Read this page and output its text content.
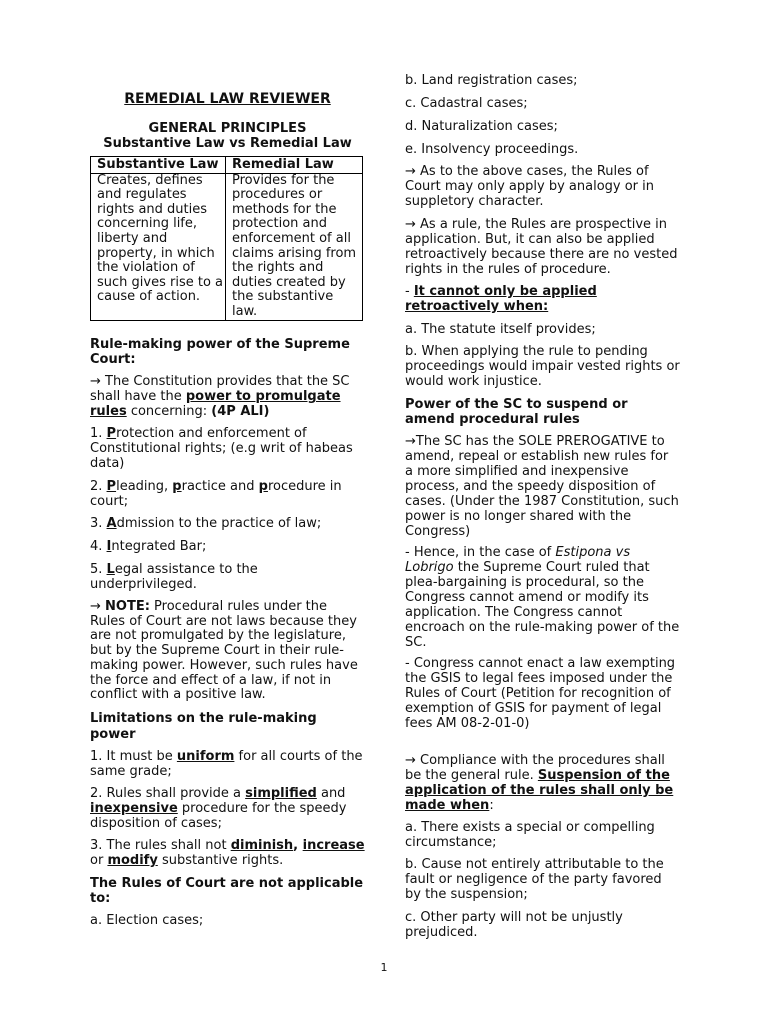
REMEDIAL LAW REVIEWER
GENERAL PRINCIPLES
Substantive Law vs Remedial Law
Substantive Law	Remedial Law
Creates, defines and regulates rights and duties concerning life, liberty and property, in which the violation of such gives rise to a cause of action.	Provides for the procedures or methods for the protection and enforcement of all claims arising from the rights and duties created by the substantive law.

Rule-making power of the Supreme Court:

→ The Constitution provides that the SC shall have the power to promulgate rules concerning: (4P ALI)

1. Protection and enforcement of Constitutional rights; (e.g writ of habeas data)

2. Pleading, practice and procedure in court;

3. Admission to the practice of law;

4. Integrated Bar;

5. Legal assistance to the underprivileged.

→ NOTE: Procedural rules under the Rules of Court are not laws because they are not promulgated by the legislature, but by the Supreme Court in their rule-making power. However, such rules have the force and effect of a law, if not in conflict with a positive law.

Limitations on the rule-making power

1. It must be uniform for all courts of the same grade;

2. Rules shall provide a simplified and inexpensive procedure for the speedy disposition of cases;

3. The rules shall not diminish, increase or modify substantive rights.

The Rules of Court are not applicable to:

a. Election cases;

b. Land registration cases;

c. Cadastral cases;

d. Naturalization cases;

e. Insolvency proceedings.

→ As to the above cases, the Rules of Court may only apply by analogy or in suppletory character.

→ As a rule, the Rules are prospective in application. But, it can also be applied retroactively because there are no vested rights in the rules of procedure.

- It cannot only be applied retroactively when:

a. The statute itself provides;

b. When applying the rule to pending proceedings would impair vested rights or would work injustice.

Power of the SC to suspend or amend procedural rules

→The SC has the SOLE PREROGATIVE to amend, repeal or establish new rules for a more simplified and inexpensive process, and the speedy disposition of cases. (Under the 1987 Constitution, such power is no longer shared with the Congress)

- Hence, in the case of Estipona vs Lobrigo the Supreme Court ruled that plea-bargaining is procedural, so the Congress cannot amend or modify its application. The Congress cannot encroach on the rule-making power of the SC.

- Congress cannot enact a law exempting the GSIS to legal fees imposed under the Rules of Court (Petition for recognition of exemption of GSIS for payment of legal fees AM 08-2-01-0)

→ Compliance with the procedures shall be the general rule. Suspension of the application of the rules shall only be made when:

a. There exists a special or compelling circumstance;

b. Cause not entirely attributable to the fault or negligence of the party favored by the suspension;

c. Other party will not be unjustly prejudiced.

1
